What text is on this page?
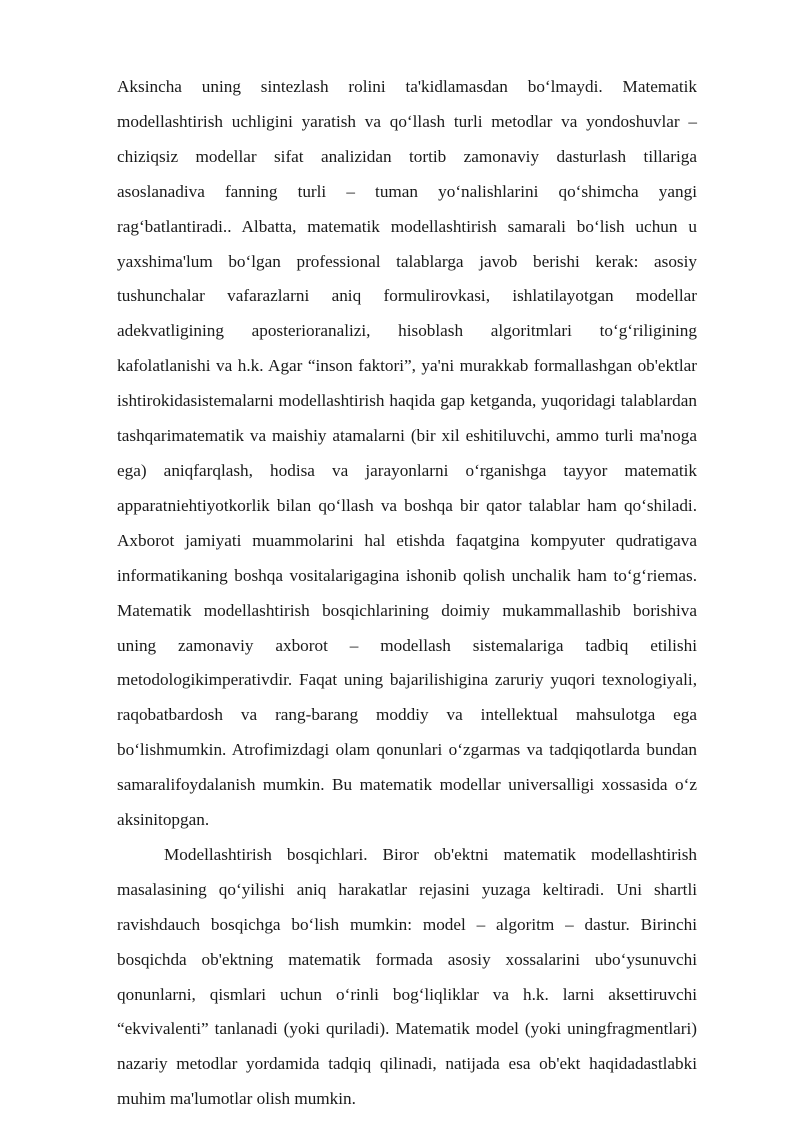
Aksincha uning sintezlash rolini ta'kidlamasdan boʻlmaydi. Matematik modellashtirish uchligini yaratish va qoʻllash turli metodlar va yondoshuvlar –chiziqsiz modellar sifat analizidan tortib zamonaviy dasturlash tillariga asoslanadiva fanning turli – tuman yoʻnalishlarini qoʻshimcha yangi ragʻbatlantiradi.. Albatta, matematik modellashtirish samarali boʻlish uchun u yaxshima'lum boʻlgan professional talablarga javob berishi kerak: asosiy tushunchalar vafarazlarni aniq formulirovkasi, ishlatilayotgan modellar adekvatligining aposterioranalizi, hisoblash algoritmlari toʻgʻriligining kafolatlanishi va h.k. Agar “inson faktori”, ya'ni murakkab formallashgan ob'ektlar ishtirokidasistemalarni modellashtirish haqida gap ketganda, yuqoridagi talablardan tashqarimatematik va maishiy atamalarni (bir xil eshitiluvchi, ammo turli ma'noga ega) aniqfarqlash, hodisa va jarayonlarni oʻrganishga tayyor matematik apparatniehtiyotkorlik bilan qoʻllash va boshqa bir qator talablar ham qoʻshiladi. Axborot jamiyati muammolarini hal etishda faqatgina kompyuter qudratigava informatikaning boshqa vositalarigagina ishonib qolish unchalik ham toʻgʻriemas. Matematik modellashtirish bosqichlarining doimiy mukammallashib borishiva uning zamonaviy axborot – modellash sistemalariga tadbiq etilishi metodologikimperativdir. Faqat uning bajarilishigina zaruriy yuqori texnologiyali, raqobatbardosh va rang-barang moddiy va intellektual mahsulotga ega boʻlishmumkin. Atrofimizdagi olam qonunlari oʻzgarmas va tadqiqotlarda bundan samaralifoydalanish mumkin. Bu matematik modellar universalligi xossasida oʻz aksinitopgan.

Modellashtirish bosqichlari. Biror ob'ektni matematik modellashtirish masalasining qoʻyilishi aniq harakatlar rejasini yuzaga keltiradi. Uni shartli ravishdauch bosqichga boʻlish mumkin: model – algoritm – dastur. Birinchi bosqichda ob'ektning matematik formada asosiy xossalarini uboʻysunuvchi qonunlarni, qismlari uchun oʻrinli bogʻliqliklar va h.k. larni aksettiruvchi “ekvivalenti” tanlanadi (yoki quriladi). Matematik model (yoki uningfragmentlari) nazariy metodlar yordamida tadqiq qilinadi, natijada esa ob'ekt haqidadastlabki muhim ma'lumotlar olish mumkin.
